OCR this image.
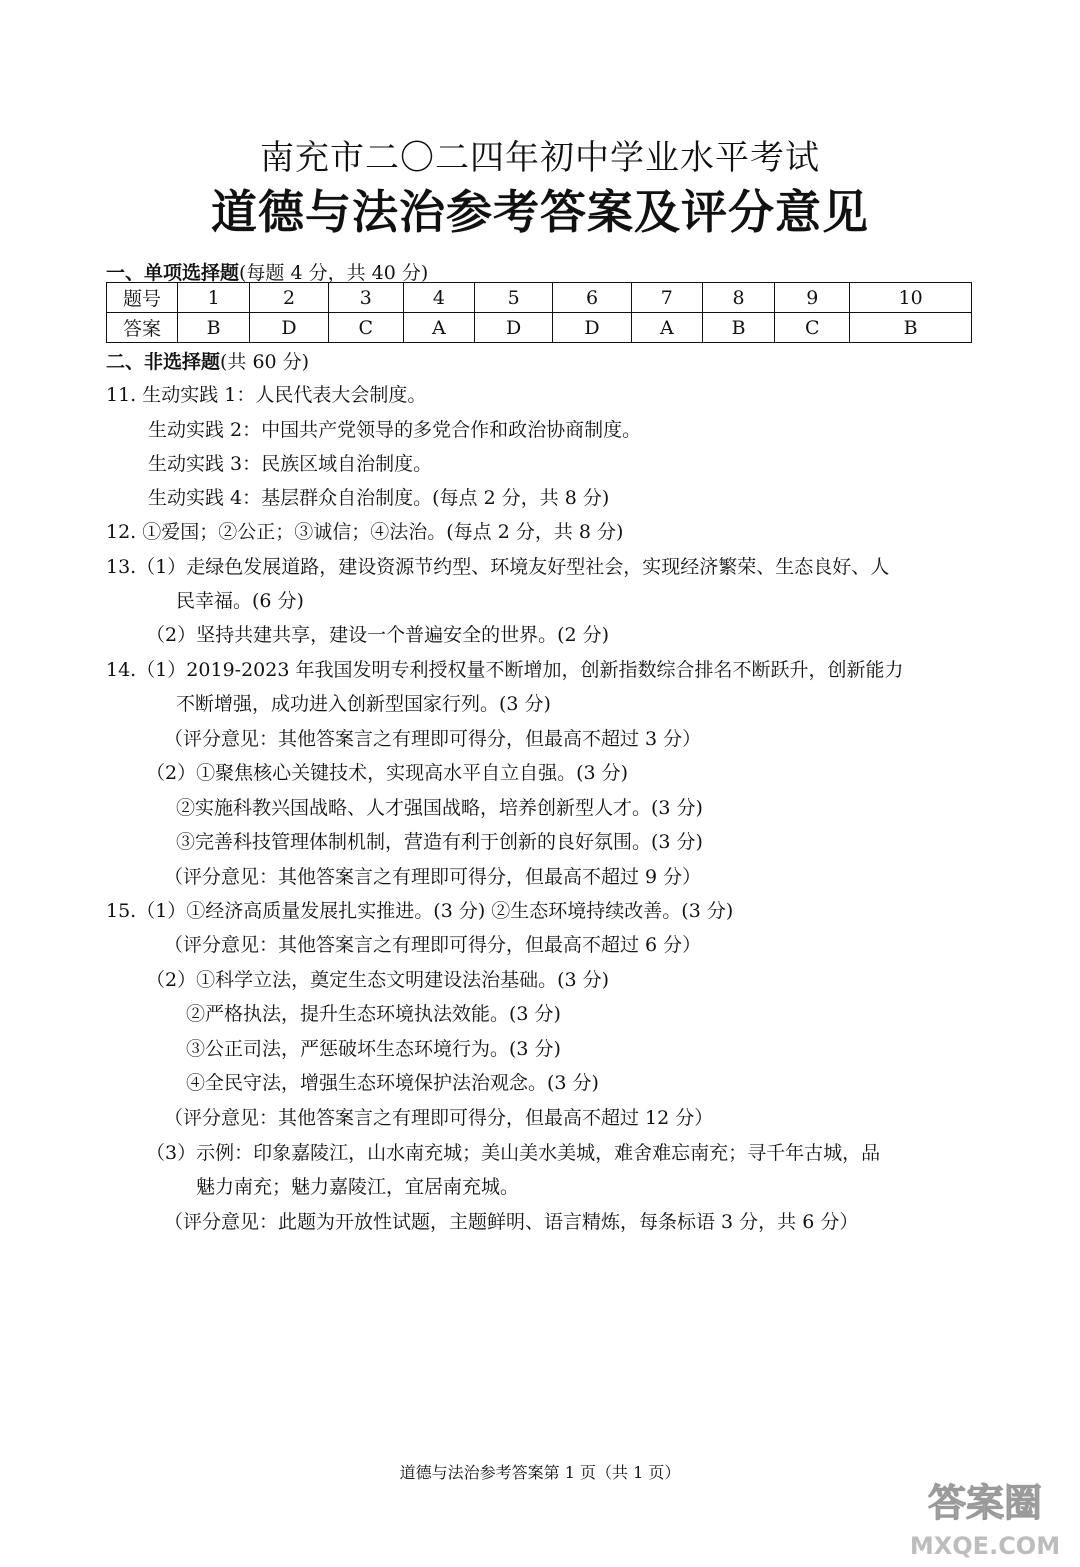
南充市二〇二四年初中学业水平考试
道德与法治参考答案及评分意见
一、单项选择题(每题 4 分，共 40 分)
题号	1	2	3	4	5	6	7	8	9	10
答案	B	D	C	A	D	D	A	B	C	B
二、非选择题(共 60 分)
11. 生动实践 1：人民代表大会制度。
生动实践 2：中国共产党领导的多党合作和政治协商制度。
生动实践 3：民族区域自治制度。
生动实践 4：基层群众自治制度。(每点 2 分，共 8 分)
12. ①爱国；②公正；③诚信；④法治。(每点 2 分，共 8 分)
13.（1）走绿色发展道路，建设资源节约型、环境友好型社会，实现经济繁荣、生态良好、人
民幸福。(6 分)
（2）坚持共建共享，建设一个普遍安全的世界。(2 分)
14.（1）2019-2023 年我国发明专利授权量不断增加，创新指数综合排名不断跃升，创新能力
不断增强，成功进入创新型国家行列。(3 分)
（评分意见：其他答案言之有理即可得分，但最高不超过 3 分）
（2）①聚焦核心关键技术，实现高水平自立自强。(3 分)
②实施科教兴国战略、人才强国战略，培养创新型人才。(3 分)
③完善科技管理体制机制，营造有利于创新的良好氛围。(3 分)
（评分意见：其他答案言之有理即可得分，但最高不超过 9 分）
15.（1）①经济高质量发展扎实推进。(3 分) ②生态环境持续改善。(3 分)
（评分意见：其他答案言之有理即可得分，但最高不超过 6 分）
（2）①科学立法，奠定生态文明建设法治基础。(3 分)
②严格执法，提升生态环境执法效能。(3 分)
③公正司法，严惩破坏生态环境行为。(3 分)
④全民守法，增强生态环境保护法治观念。(3 分)
（评分意见：其他答案言之有理即可得分，但最高不超过 12 分）
（3）示例：印象嘉陵江，山水南充城；美山美水美城，难舍难忘南充；寻千年古城，品
魅力南充；魅力嘉陵江，宜居南充城。
（评分意见：此题为开放性试题，主题鲜明、语言精炼，每条标语 3 分，共 6 分）
道德与法治参考答案第 1 页（共 1 页）
答案圈
MXQE.COM
